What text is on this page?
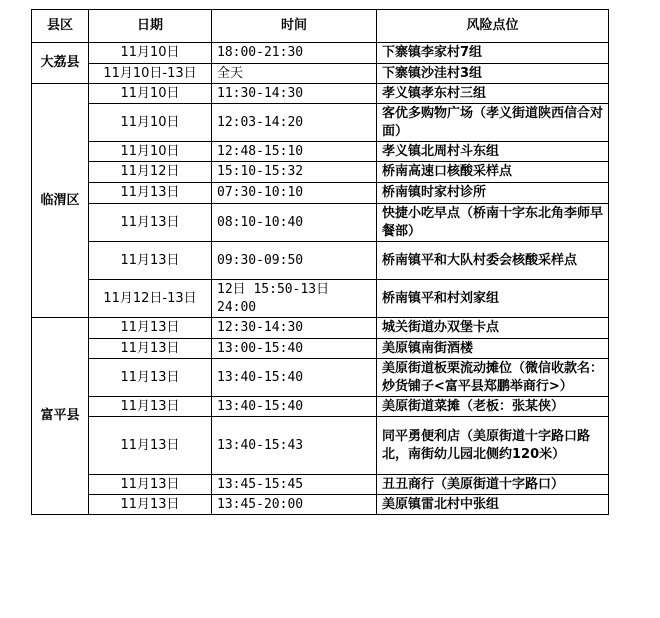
县区	日期	时间	风险点位
大荔县	11月10日	18:00-21:30	下寨镇李家村7组
	11月10日-13日	全天	下寨镇沙洼村3组
临渭区	11月10日	11:30-14:30	孝义镇孝东村三组
	11月10日	12:03-14:20	客优多购物广场（孝义街道陕西信合对面）
	11月10日	12:48-15:10	孝义镇北周村斗东组
	11月12日	15:10-15:32	桥南高速口核酸采样点
	11月13日	07:30-10:10	桥南镇时家村诊所
	11月13日	08:10-10:40	快捷小吃早点（桥南十字东北角李师早餐部）
	11月13日	09:30-09:50	桥南镇平和大队村委会核酸采样点
	11月12日-13日	12日 15:50-13日 24:00	桥南镇平和村刘家组
富平县	11月13日	12:30-14:30	城关街道办双堡卡点
	11月13日	13:00-15:40	美原镇南街酒楼
	11月13日	13:40-15:40	美原街道板栗流动摊位（微信收款名：炒货铺子<富平县郑鹏举商行>）
	11月13日	13:40-15:40	美原街道菜摊（老板：张某侠）
	11月13日	13:40-15:43	同平勇便利店（美原街道十字路口路北，南街幼儿园北侧约120米）
	11月13日	13:45-15:45	丑丑商行（美原街道十字路口）
	11月13日	13:45-20:00	美原镇雷北村中张组
